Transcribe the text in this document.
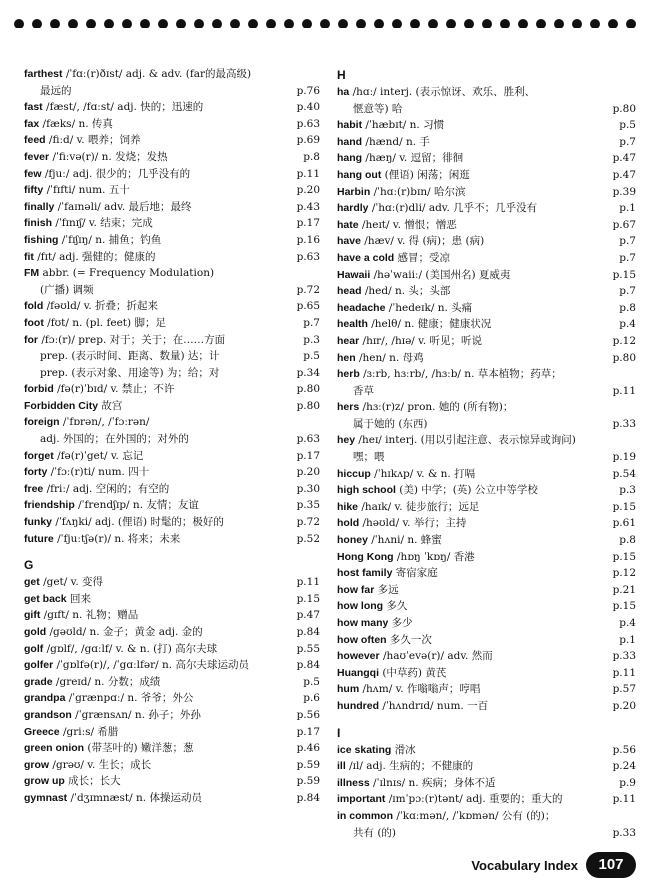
farthest /ˈfɑː(r)ðɪst/ adj. & adv. (far的最高级)
最远的	p.76
fast /fæst/, /fɑːst/ adj. 快的；迅速的	p.40
fax /fæks/ n. 传真	p.63
feed /fiːd/ v. 喂养；饲养	p.69
fever /ˈfiːvə(r)/ n. 发烧；发热	p.8
few /fjuː/ adj. 很少的；几乎没有的	p.11
fifty /ˈfɪfti/ num. 五十	p.20
finally /ˈfaɪnəli/ adv. 最后地；最终	p.43
finish /ˈfɪnɪʃ/ v. 结束；完成	p.17
fishing /ˈfɪʃɪŋ/ n. 捕鱼；钓鱼	p.16
fit /fɪt/ adj. 强健的；健康的	p.63
FM abbr. (= Frequency Modulation)
(广播) 调频	p.72
fold /fəʊld/ v. 折叠；折起来	p.65
foot /fʊt/ n. (pl. feet) 脚；足	p.7
for /fɔː(r)/ prep. 对于；关于；在……方面	p.3
prep. (表示时间、距离、数量) 达；计	p.5
prep. (表示对象、用途等) 为；给；对	p.34
forbid /fə(r)ˈbɪd/ v. 禁止；不许	p.80
Forbidden City 故宫	p.80
foreign /ˈfɒrən/, /ˈfɔːrən/
adj. 外国的；在外国的；对外的	p.63
forget /fə(r)ˈget/ v. 忘记	p.17
forty /ˈfɔː(r)ti/ num. 四十	p.20
free /friː/ adj. 空闲的；有空的	p.30
friendship /ˈfrendʃɪp/ n. 友情；友谊	p.35
funky /ˈfʌŋki/ adj. (俚语) 时髦的；极好的	p.72
future /ˈfjuːtʃə(r)/ n. 将来；未来	p.52
G
get /get/ v. 变得	p.11
get back 回来	p.15
gift /gɪft/ n. 礼物；赠品	p.47
gold /gəʊld/ n. 金子；黄金 adj. 金的	p.84
golf /gɒlf/, /gɑːlf/ v. & n. (打) 高尔夫球	p.55
golfer /ˈgɒlfə(r)/, /ˈgɑːlfər/ n. 高尔夫球运动员	p.84
grade /greɪd/ n. 分数；成绩	p.5
grandpa /ˈgrænpɑː/ n. 爷爷；外公	p.6
grandson /ˈgrænsʌn/ n. 孙子；外孙	p.56
Greece /griːs/ 希腊	p.17
green onion (带茎叶的) 嫩洋葱；葱	p.46
grow /grəʊ/ v. 生长；成长	p.59
grow up 成长；长大	p.59
gymnast /ˈdʒɪmnæst/ n. 体操运动员	p.84
H
ha /hɑː/ interj. (表示惊讶、欢乐、胜利、
惬意等) 哈	p.80
habit /ˈhæbɪt/ n. 习惯	p.5
hand /hænd/ n. 手	p.7
hang /hæŋ/ v. 逗留；徘徊	p.47
hang out (俚语) 闲荡；闲逛	p.47
Harbin /ˈhɑː(r)bɪn/ 哈尔滨	p.39
hardly /ˈhɑː(r)dli/ adv. 几乎不；几乎没有	p.1
hate /heɪt/ v. 憎恨；憎恶	p.67
have /hæv/ v. 得 (病)；患 (病)	p.7
have a cold 感冒；受凉	p.7
Hawaii /həˈwaiiː/ (美国州名) 夏威夷	p.15
head /hed/ n. 头；头部	p.7
headache /ˈhedeɪk/ n. 头痛	p.8
health /helθ/ n. 健康；健康状况	p.4
hear /hɪr/, /hɪə/ v. 听见；听说	p.12
hen /hen/ n. 母鸡	p.80
herb /ɜːrb, hɜːrb/, /hɜːb/ n. 草本植物；药草；
香草	p.11
hers /hɜː(r)z/ pron. 她的 (所有物)；
属于她的 (东西)	p.33
hey /heɪ/ interj. (用以引起注意、表示惊异或询问)
嘿；喂	p.19
hiccup /ˈhɪkʌp/ v. & n. 打嗝	p.54
high school (美) 中学；(英) 公立中等学校	p.3
hike /haɪk/ v. 徒步旅行；远足	p.15
hold /həʊld/ v. 举行；主持	p.61
honey /ˈhʌni/ n. 蜂蜜	p.8
Hong Kong /hɒŋ ˈkɒŋ/ 香港	p.15
host family 寄宿家庭	p.12
how far 多远	p.21
how long 多久	p.15
how many 多少	p.4
how often 多久一次	p.1
however /haʊˈevə(r)/ adv. 然而	p.33
Huangqi (中草药) 黄芪	p.11
hum /hʌm/ v. 作嗡嗡声；哼唱	p.57
hundred /ˈhʌndrɪd/ num. 一百	p.20
I
ice skating 滑冰	p.56
ill /ɪl/ adj. 生病的；不健康的	p.24
illness /ˈɪlnɪs/ n. 疾病；身体不适	p.9
important /ɪmˈpɔː(r)tənt/ adj. 重要的；重大的	p.11
in common /ˈkɑːmən/, /ˈkɒmən/ 公有 (的)；
共有 (的)	p.33
Vocabulary Index	107
